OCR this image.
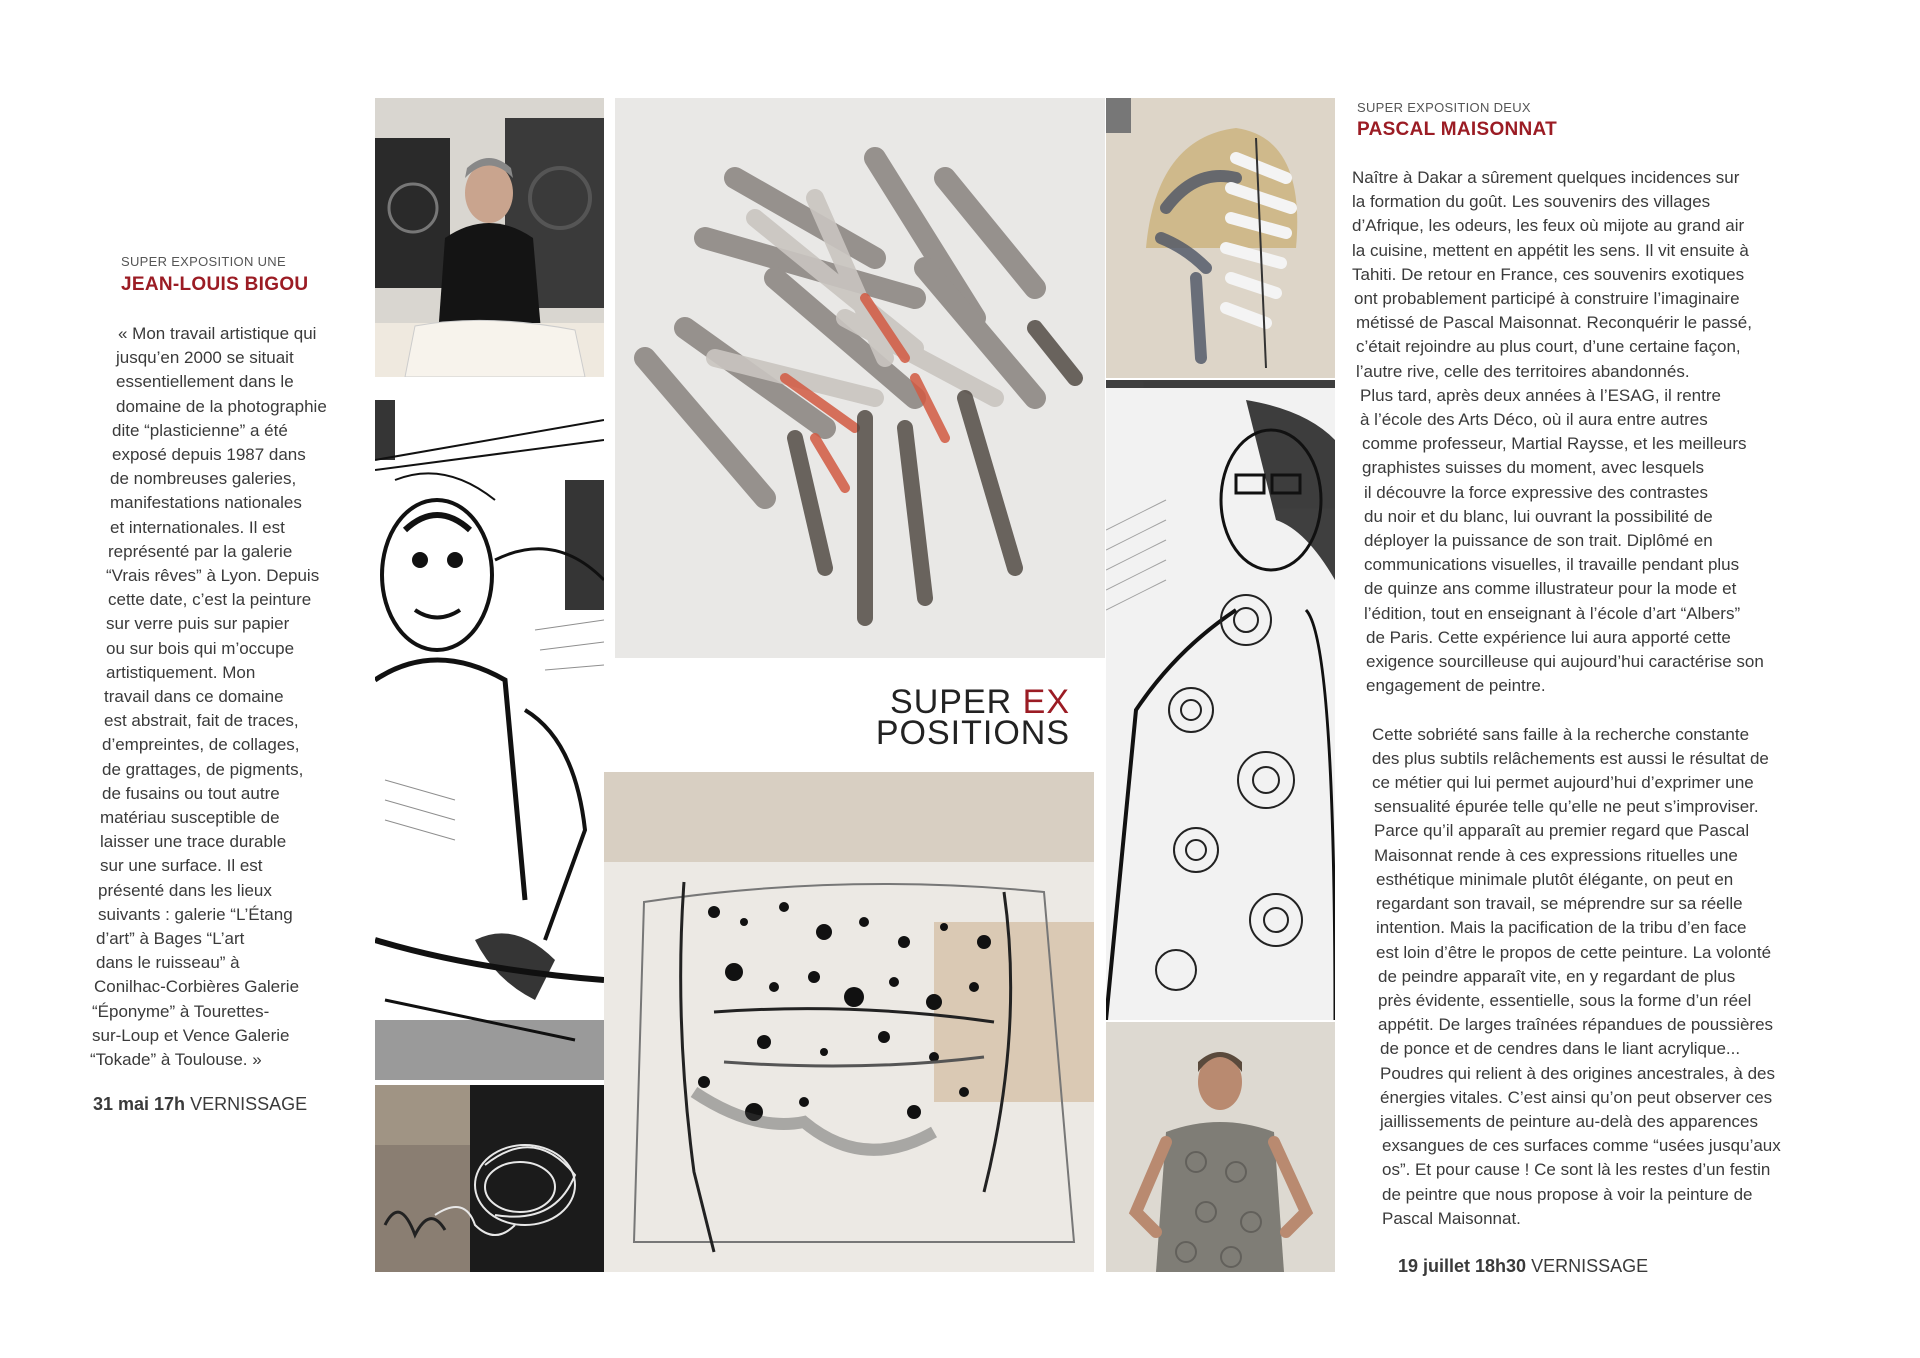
SUPER EXPOSITION UNE
JEAN-LOUIS BIGOU
« Mon travail artistique qui
jusqu’en 2000 se situait
essentiellement dans le
domaine de la photographie
dite “plasticienne” a été
exposé depuis 1987 dans
de nombreuses galeries,
manifestations nationales
et internationales. Il est
représenté par la galerie
“Vrais rêves” à Lyon. Depuis
cette date, c’est la peinture
sur verre puis sur papier
ou sur bois qui m’occupe
artistiquement. Mon
travail dans ce domaine
est abstrait, fait de traces,
d’empreintes, de collages,
de grattages, de pigments,
de fusains ou tout autre
matériau susceptible de
laisser une trace durable
sur une surface. Il est
présenté dans les lieux
suivants : galerie “L’Étang
d’art” à Bages “L’art
dans le ruisseau” à
Conilhac-Corbières Galerie
“Éponyme” à Tourettes-
sur-Loup et Vence Galerie
“Tokade” à Toulouse. »
31 mai 17h VERNISSAGE
SUPER EX
POSITIONS
SUPER EXPOSITION DEUX
PASCAL MAISONNAT
Naître à Dakar a sûrement quelques incidences sur
la formation du goût. Les souvenirs des villages
d’Afrique, les odeurs, les feux où mijote au grand air
la cuisine, mettent en appétit les sens. Il vit ensuite à
Tahiti. De retour en France, ces souvenirs exotiques
ont probablement participé à construire l’imaginaire
métissé de Pascal Maisonnat. Reconquérir le passé,
c’était rejoindre au plus court, d’une certaine façon,
l’autre rive, celle des territoires abandonnés.
Plus tard, après deux années à l’ESAG, il rentre
à l’école des Arts Déco, où il aura entre autres
comme professeur, Martial Raysse, et les meilleurs
graphistes suisses du moment, avec lesquels
il découvre la force expressive des contrastes
du noir et du blanc, lui ouvrant la possibilité de
déployer la puissance de son trait. Diplômé en
communications visuelles, il travaille pendant plus
de quinze ans comme illustrateur pour la mode et
l’édition, tout en enseignant à l’école d’art “Albers”
de Paris. Cette expérience lui aura apporté cette
exigence sourcilleuse qui aujourd’hui caractérise son
engagement de peintre.

Cette sobriété sans faille à la recherche constante
des plus subtils relâchements est aussi le résultat de
ce métier qui lui permet aujourd’hui d’exprimer une
sensualité épurée telle qu’elle ne peut s’improviser.
Parce qu’il apparaît au premier regard que Pascal
Maisonnat rende à ces expressions rituelles une
esthétique minimale plutôt élégante, on peut en
regardant son travail, se méprendre sur sa réelle
intention. Mais la pacification de la tribu d’en face
est loin d’être le propos de cette peinture. La volonté
de peindre apparaît vite, en y regardant de plus
près évidente, essentielle, sous la forme d’un réel
appétit. De larges traînées répandues de poussières
de ponce et de cendres dans le liant acrylique...
Poudres qui relient à des origines ancestrales, à des
énergies vitales. C’est ainsi qu’on peut observer ces
jaillissements de peinture au-delà des apparences
exsangues de ces surfaces comme “usées jusqu’aux
os”. Et pour cause ! Ce sont là les restes d’un festin
de peintre que nous propose à voir la peinture de
Pascal Maisonnat.
19 juillet 18h30 VERNISSAGE
